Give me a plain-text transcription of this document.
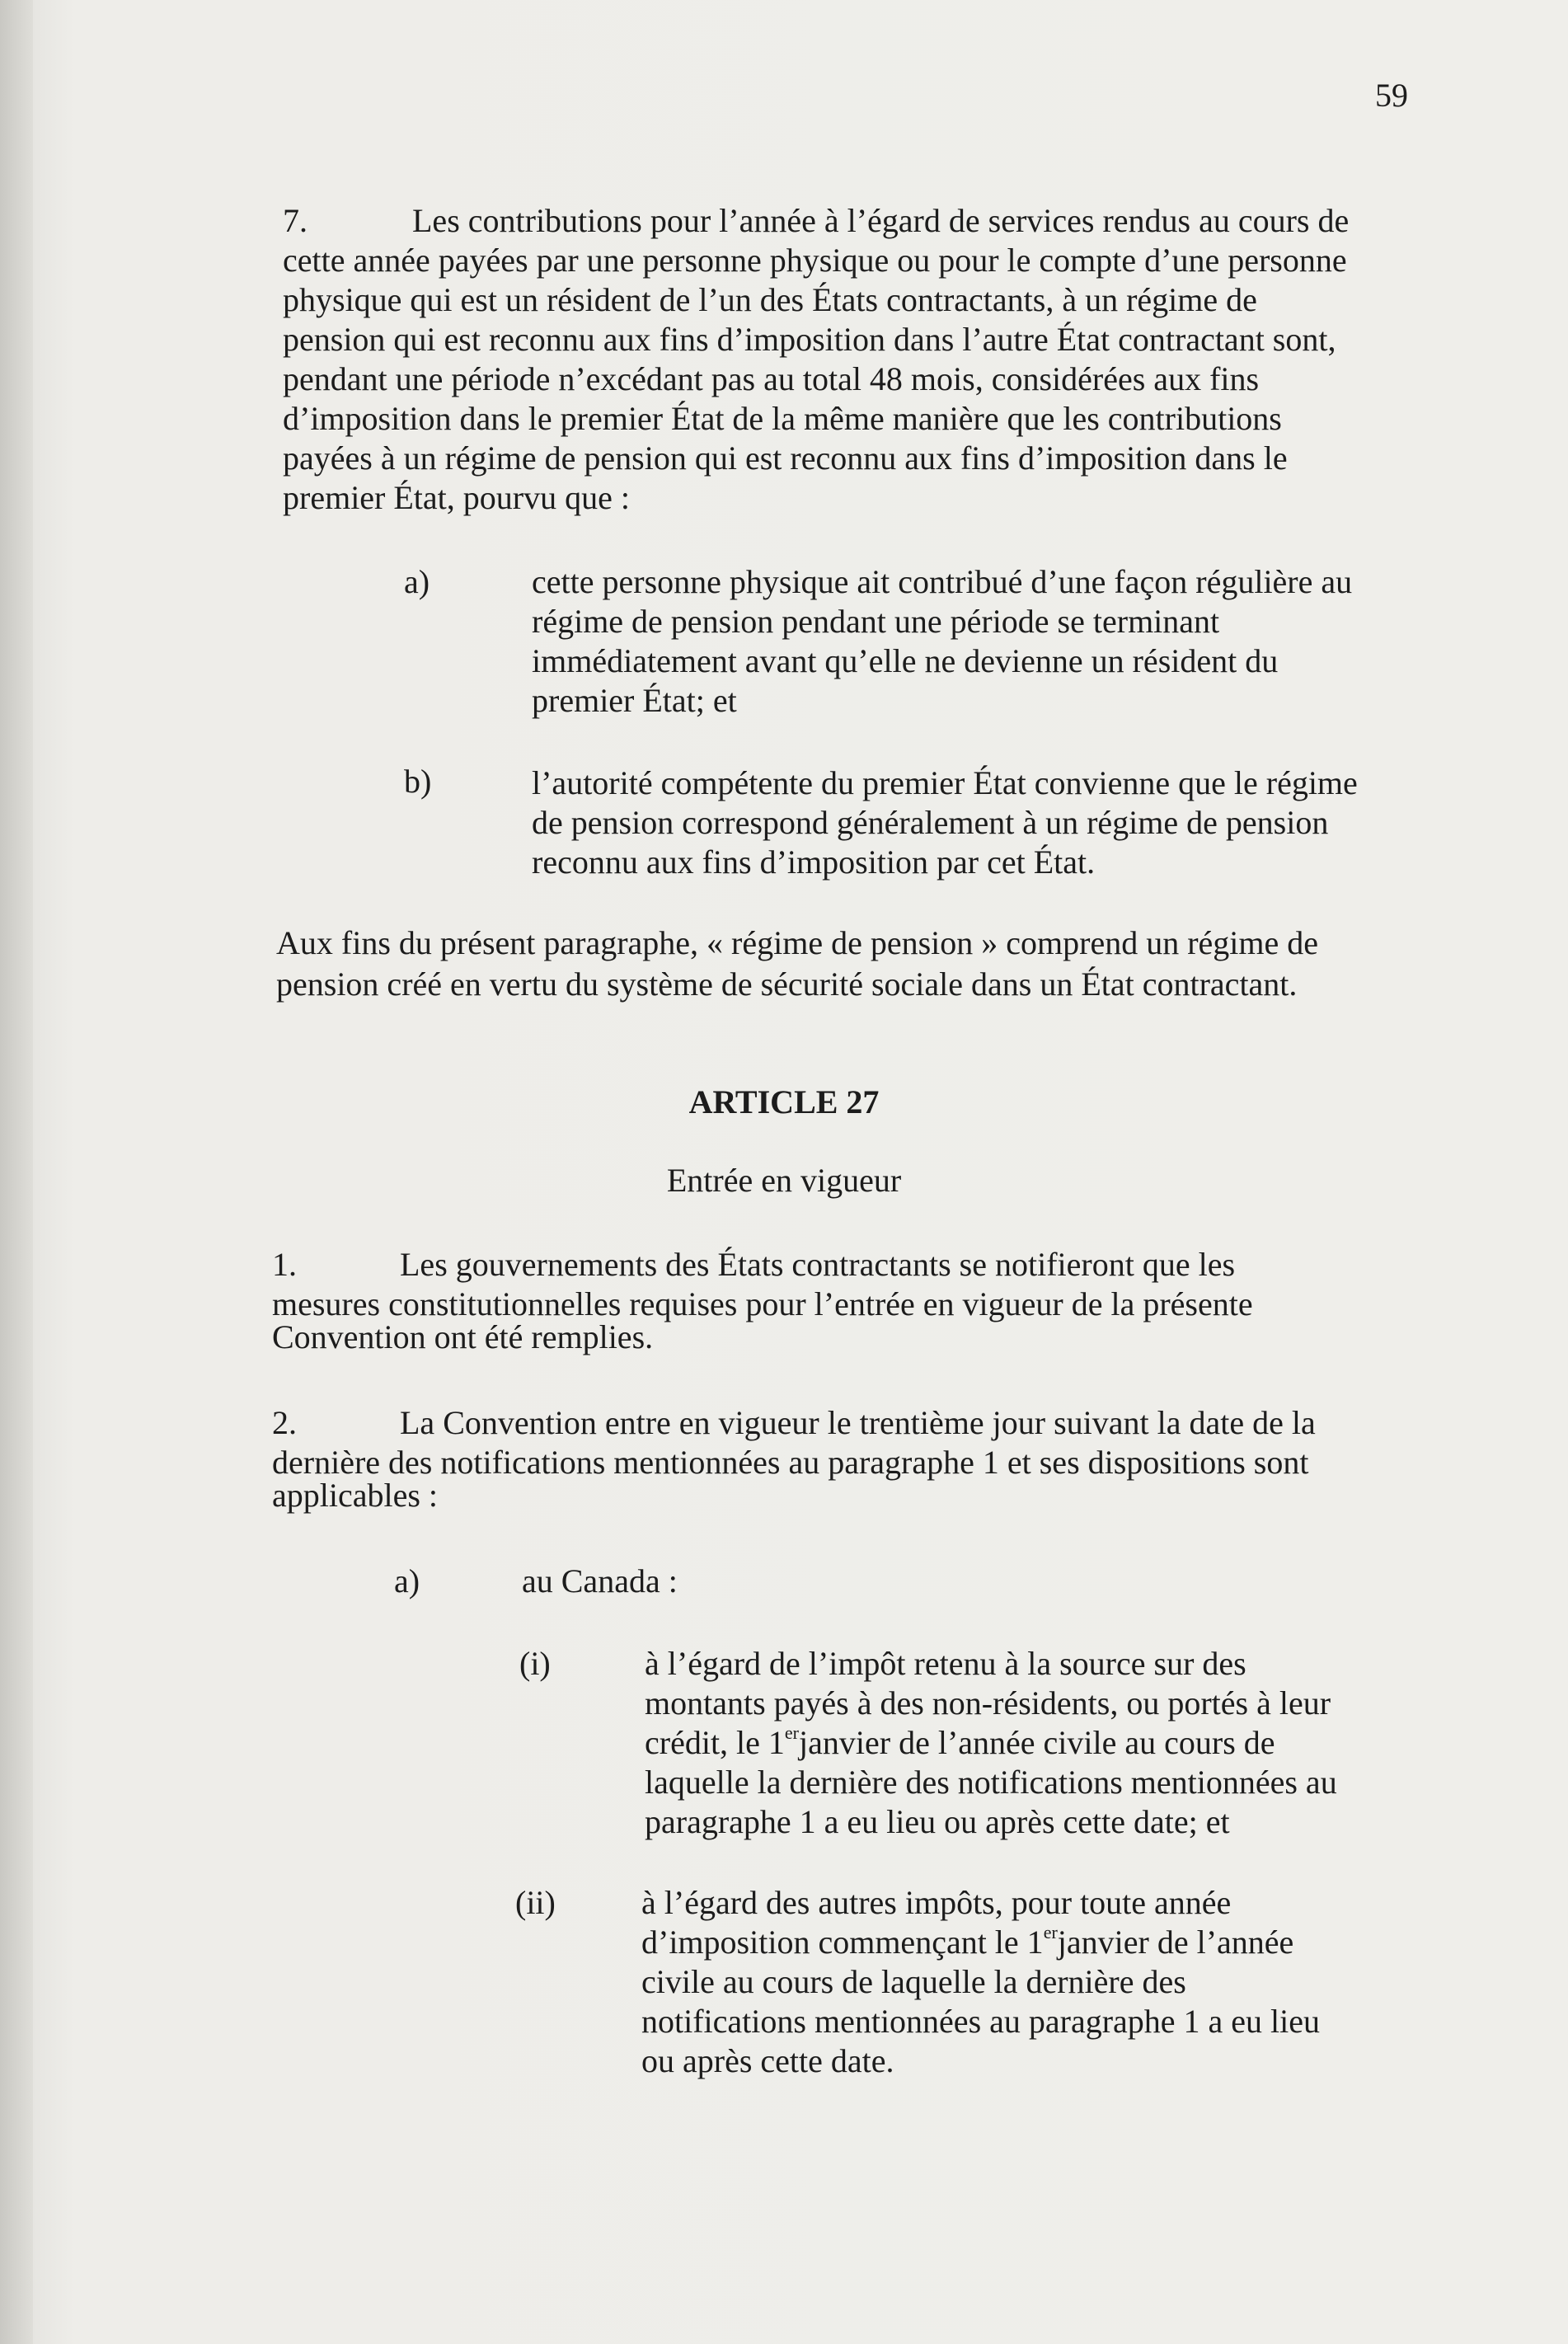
59
7.	Les contributions pour l’année à l’égard de services rendus au cours de
cette année payées par une personne physique ou pour le compte d’une personne
physique qui est un résident de l’un des États contractants, à un régime de
pension qui est reconnu aux fins d’imposition dans l’autre État contractant sont,
pendant une période n’excédant pas au total 48 mois, considérées aux fins
d’imposition dans le premier État de la même manière que les contributions
payées à un régime de pension qui est reconnu aux fins d’imposition dans le
premier État, pourvu que :
a)	cette personne physique ait contribué d’une façon régulière au
régime de pension pendant une période se terminant
immédiatement avant qu’elle ne devienne un résident du
premier État; et
b)	l’autorité compétente du premier État convienne que le régime
de pension correspond généralement à un régime de pension
reconnu aux fins d’imposition par cet État.
Aux fins du présent paragraphe, « régime de pension » comprend un régime de
pension créé en vertu du système de sécurité sociale dans un État contractant.
ARTICLE 27
Entrée en vigueur
1.	Les gouvernements des États contractants se notifieront que les
mesures constitutionnelles requises pour l’entrée en vigueur de la présente
Convention ont été remplies.
2.	La Convention entre en vigueur le trentième jour suivant la date de la
dernière des notifications mentionnées au paragraphe 1 et ses dispositions sont
applicables :
a)	au Canada :
(i)	à l’égard de l’impôt retenu à la source sur des
montants payés à des non-résidents, ou portés à leur
crédit, le 1erjanvier de l’année civile au cours de
laquelle la dernière des notifications mentionnées au
paragraphe 1 a eu lieu ou après cette date; et
(ii)	à l’égard des autres impôts, pour toute année
d’imposition commençant le 1erjanvier de l’année
civile au cours de laquelle la dernière des
notifications mentionnées au paragraphe 1 a eu lieu
ou après cette date.
